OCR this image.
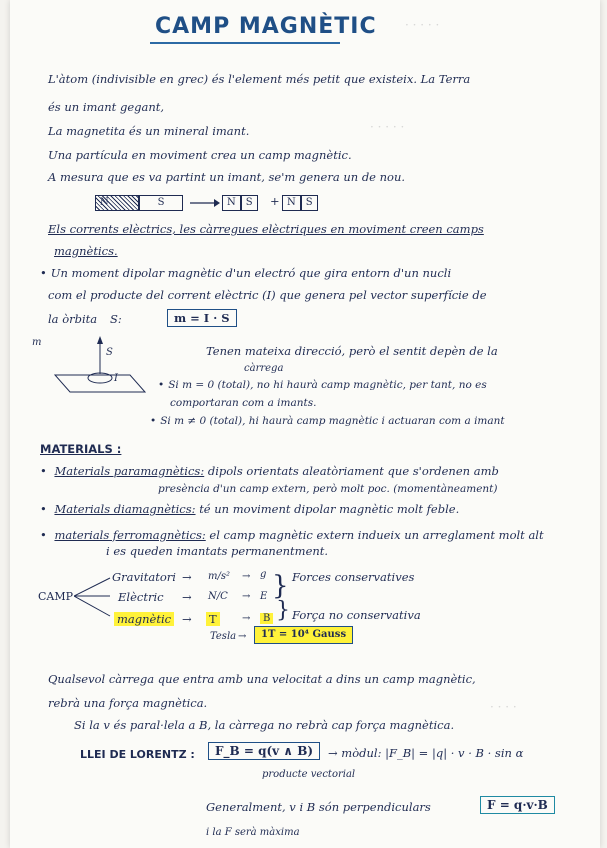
· · · · ·
· · · · ·
· · · ·
CAMP MAGNÈTIC
L'àtom (indivisible en grec) és l'element més petit que existeix. La Terra
és un imant gegant,
La magnetita és un mineral imant.
Una partícula en moviment crea un camp magnètic.
A mesura que es va partint un imant, se'm genera un de nou.
N	S	N S	+ N S
Els corrents elèctrics, les càrregues elèctriques en moviment creen camps
magnètics.
• Un moment dipolar magnètic d'un electró que gira entorn d'un nucli
com el producte del corrent elèctric (I) que genera pel vector superfície de
la òrbita S:	m = I · S
m
S
I
Tenen mateixa direcció, però el sentit depèn de la
càrrega
• Si m = 0 (total), no hi haurà camp magnètic, per tant, no es
comportaran com a imants.
• Si m ≠ 0 (total), hi haurà camp magnètic i actuaran com a imant
MATERIALS :
• Materials paramagnètics: dipols orientats aleatòriament que s'ordenen amb
presència d'un camp extern, però molt poc. (momentàneament)
• Materials diamagnètics: té un moviment dipolar magnètic molt feble.
• materials ferromagnètics: el camp magnètic extern indueix un arreglament molt alt
i es queden imantats permanentment.
CAMP
Gravitatori → m/s² → g
Elèctric → N/C → E } Forces conservatives
magnètic → T	→	B } Força no conservativa
Tesla →	1T = 10⁴ Gauss
Qualsevol càrrega que entra amb una velocitat a dins un camp magnètic,
rebrà una força magnètica.
Si la v és paral·lela a B, la càrrega no rebrà cap força magnètica.
LLEI DE LORENTZ :	F_B = q(v ∧ B)	→ mòdul: |F_B| = |q| · v · B · sin α
producte vectorial
Generalment, v i B són perpendiculars	F = q·v·B
i la F serà màxima
